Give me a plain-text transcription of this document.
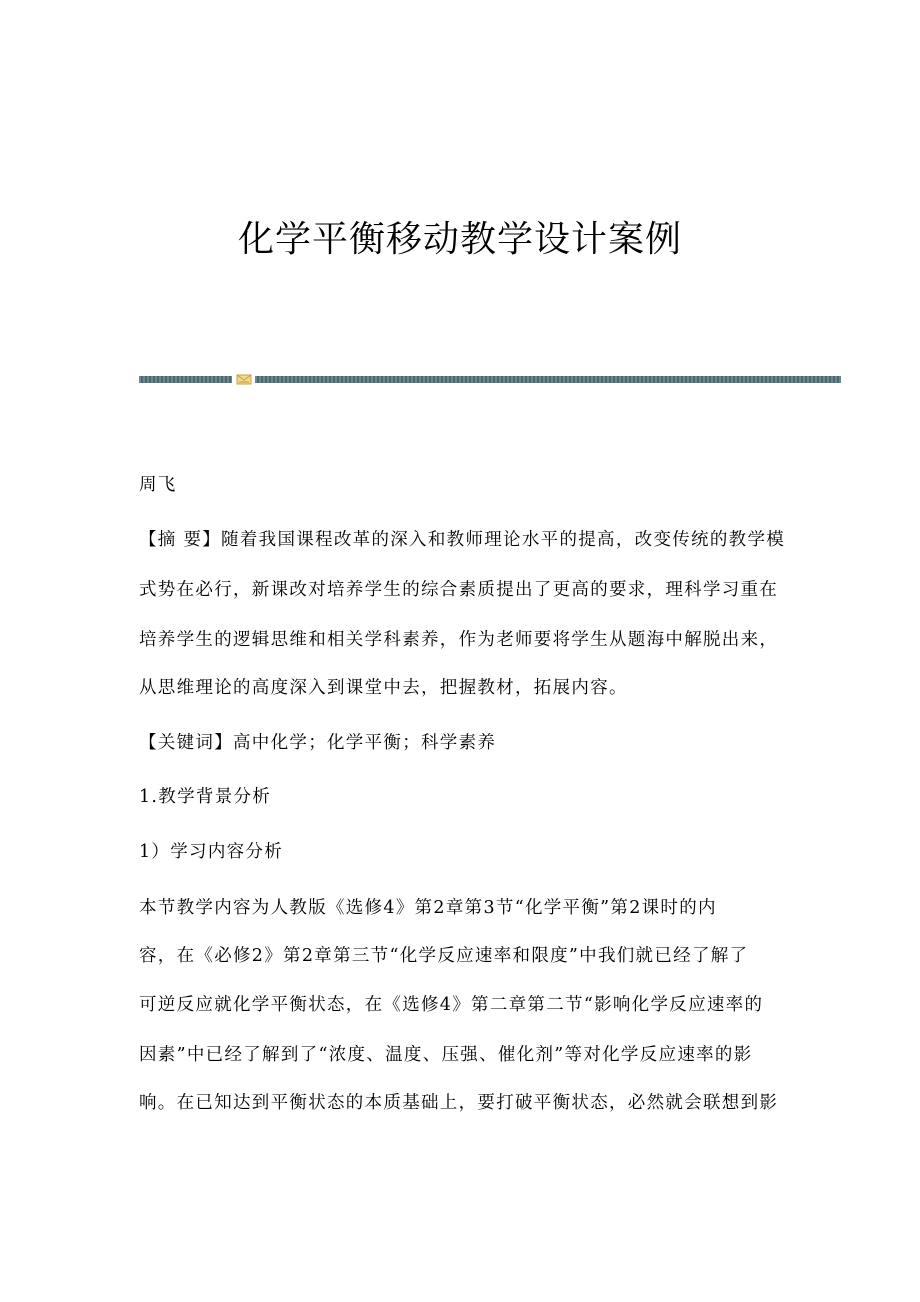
化学平衡移动教学设计案例
周飞
【摘 要】随着我国课程改革的深入和教师理论水平的提高，改变传统的教学模
式势在必行，新课改对培养学生的综合素质提出了更高的要求，理科学习重在
培养学生的逻辑思维和相关学科素养，作为老师要将学生从题海中解脱出来，
从思维理论的高度深入到课堂中去，把握教材，拓展内容。
【关键词】高中化学；化学平衡；科学素养
1.教学背景分析
1）学习内容分析
本节教学内容为人教版《选修4》第2章第3节“化学平衡”第2课时的内
容，在《必修2》第2章第三节“化学反应速率和限度”中我们就已经了解了
可逆反应就化学平衡状态，在《选修4》第二章第二节“影响化学反应速率的
因素”中已经了解到了“浓度、温度、压强、催化剂”等对化学反应速率的影
响。在已知达到平衡状态的本质基础上，要打破平衡状态，必然就会联想到影
